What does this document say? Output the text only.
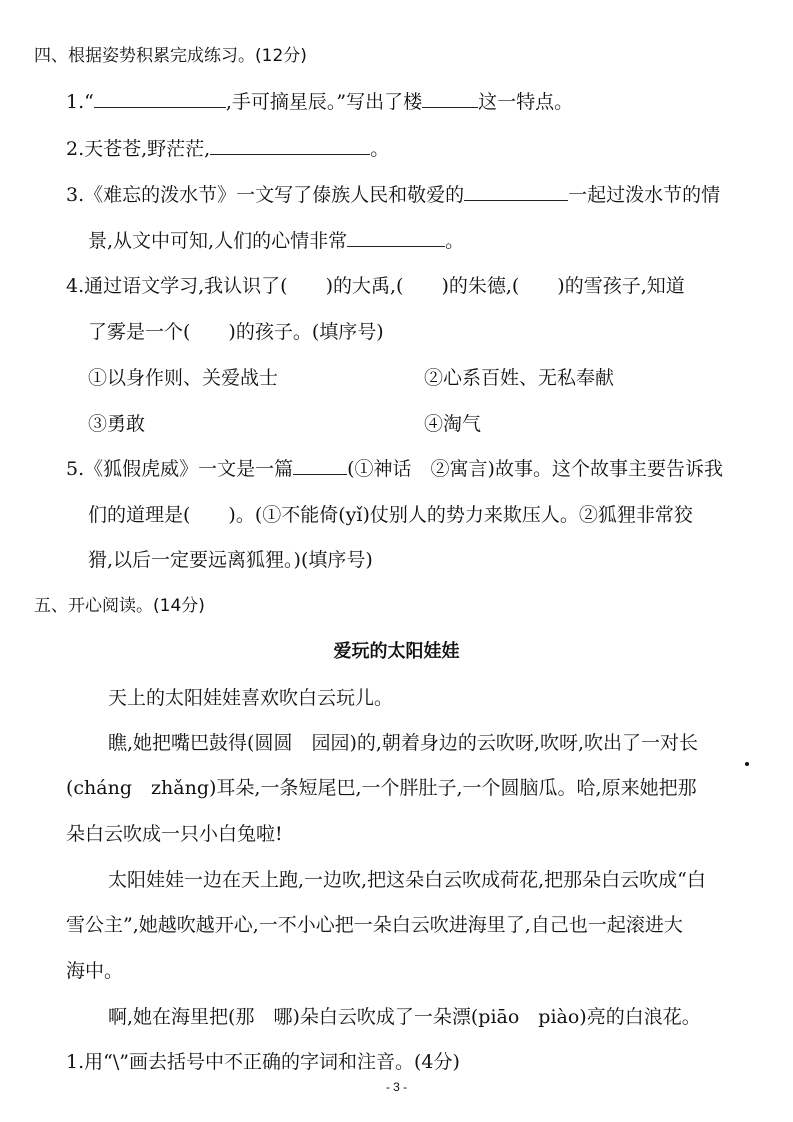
四、根据姿势积累完成练习。(12分)
1.“	,手可摘星辰。”写出了楼	这一特点。
2.天苍苍,野茫茫,	。
3.《难忘的泼水节》一文写了傣族人民和敬爱的	一起过泼水节的情
景,从文中可知,人们的心情非常	。
4.通过语文学习,我认识了(　　)的大禹,(　　)的朱德,(　　)的雪孩子,知道
了雾是一个(　　)的孩子。(填序号)
①以身作则、关爱战士	②心系百姓、无私奉献
③勇敢	④淘气
5.《狐假虎威》一文是一篇	(①神话　②寓言)故事。这个故事主要告诉我
们的道理是(　　)。(①不能倚(yǐ)仗别人的势力来欺压人。②狐狸非常狡
猾,以后一定要远离狐狸。)(填序号)
五、开心阅读。(14分)
爱玩的太阳娃娃
天上的太阳娃娃喜欢吹白云玩儿。
瞧,她把嘴巴鼓得(圆圆　园园)的,朝着身边的云吹呀,吹呀,吹出了一对长
(cháng　zhǎng)耳朵,一条短尾巴,一个胖肚子,一个圆脑瓜。哈,原来她把那
朵白云吹成一只小白兔啦!
太阳娃娃一边在天上跑,一边吹,把这朵白云吹成荷花,把那朵白云吹成“白
雪公主”,她越吹越开心,一不小心把一朵白云吹进海里了,自己也一起滚进大
海中。
啊,她在海里把(那　哪)朵白云吹成了一朵漂(piāo　piào)亮的白浪花。
1.用“\”画去括号中不正确的字词和注音。(4分)
- 3 -
